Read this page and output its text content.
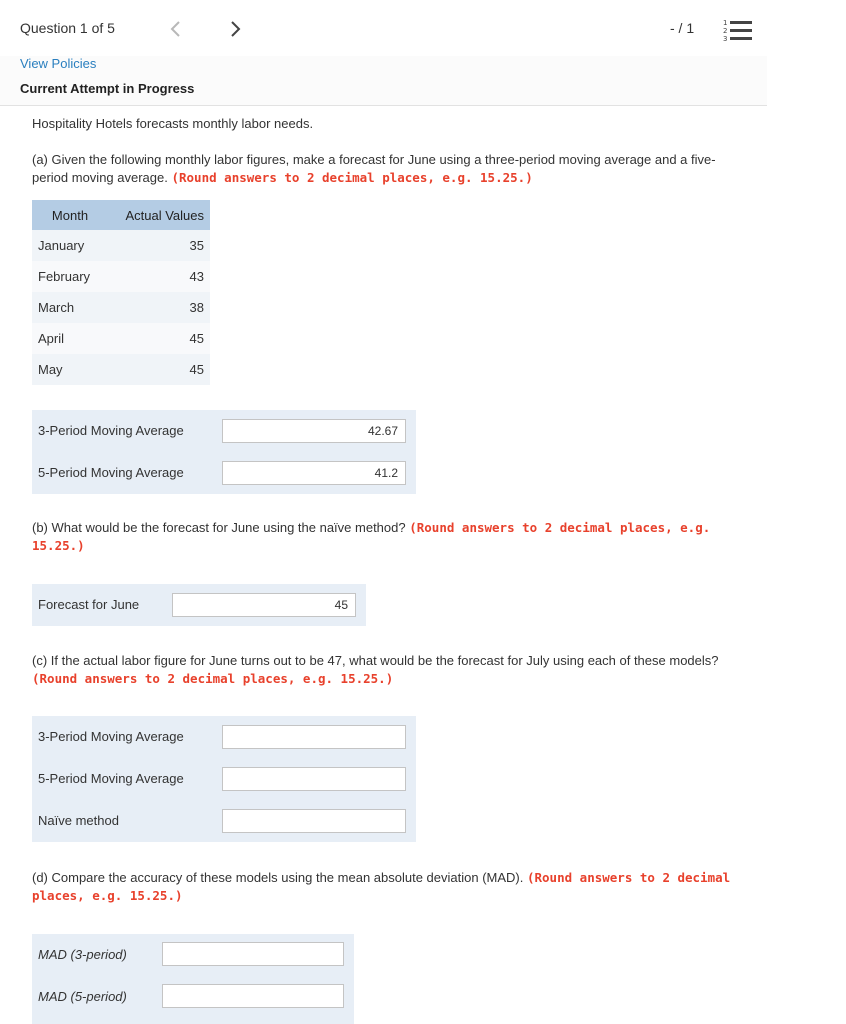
Question 1 of 5	- / 1	1
2
3
View Policies
Current Attempt in Progress
Hospitality Hotels forecasts monthly labor needs.
(a) Given the following monthly labor figures, make a forecast for June using a three-period moving average and a five-
period moving average. (Round answers to 2 decimal places, e.g. 15.25.)
Month	Actual Values
January	35
February	43
March	38
April	45
May	45
3-Period Moving Average	42.67
5-Period Moving Average	41.2
(b) What would be the forecast for June using the naïve method? (Round answers to 2 decimal places, e.g.
15.25.)
Forecast for June	45
(c) If the actual labor figure for June turns out to be 47, what would be the forecast for July using each of these models?
(Round answers to 2 decimal places, e.g. 15.25.)
3-Period Moving Average
5-Period Moving Average
Naïve method
(d) Compare the accuracy of these models using the mean absolute deviation (MAD). (Round answers to 2 decimal
places, e.g. 15.25.)
MAD (3-period)
MAD (5-period)
